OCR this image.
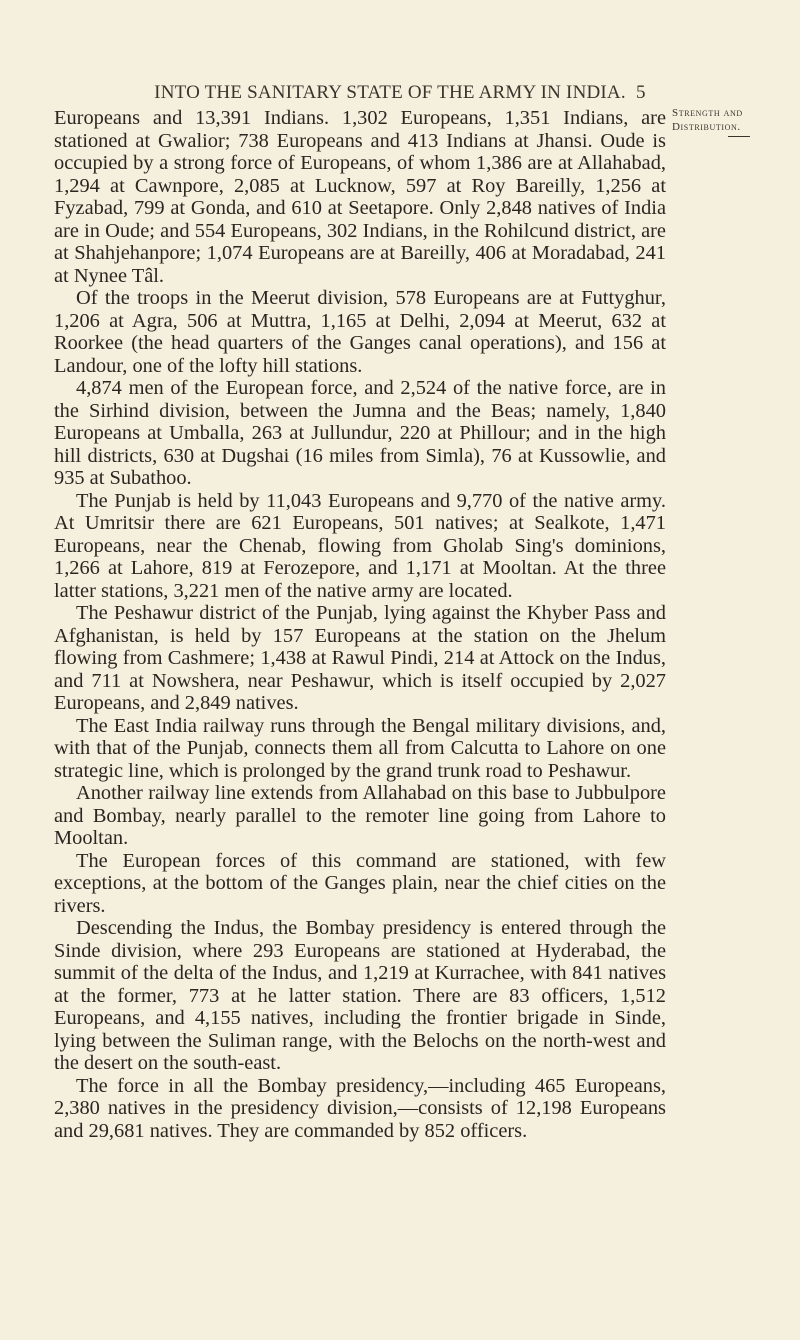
INTO THE SANITARY STATE OF THE ARMY IN INDIA. 5
Strength and
Distribution.

Europeans and 13,391 Indians. 1,302 Europeans, 1,351 Indians, are stationed at Gwalior; 738 Europeans and 413 Indians at Jhansi. Oude is occupied by a strong force of Europeans, of whom 1,386 are at Allahabad, 1,294 at Cawnpore, 2,085 at Lucknow, 597 at Roy Bareilly, 1,256 at Fyzabad, 799 at Gonda, and 610 at Seetapore. Only 2,848 natives of India are in Oude; and 554 Europeans, 302 Indians, in the Rohilcund district, are at Shahjehanpore; 1,074 Europeans are at Bareilly, 406 at Moradabad, 241 at Nynee Tâl.

Of the troops in the Meerut division, 578 Europeans are at Futtyghur, 1,206 at Agra, 506 at Muttra, 1,165 at Delhi, 2,094 at Meerut, 632 at Roorkee (the head quarters of the Ganges canal operations), and 156 at Landour, one of the lofty hill stations.

4,874 men of the European force, and 2,524 of the native force, are in the Sirhind division, between the Jumna and the Beas; namely, 1,840 Europeans at Umballa, 263 at Jullundur, 220 at Phillour; and in the high hill districts, 630 at Dugshai (16 miles from Simla), 76 at Kussowlie, and 935 at Subathoo.

The Punjab is held by 11,043 Europeans and 9,770 of the native army. At Umritsir there are 621 Europeans, 501 natives; at Sealkote, 1,471 Europeans, near the Chenab, flowing from Gholab Sing's dominions, 1,266 at Lahore, 819 at Ferozepore, and 1,171 at Mooltan. At the three latter stations, 3,221 men of the native army are located.

The Peshawur district of the Punjab, lying against the Khyber Pass and Afghanistan, is held by 157 Europeans at the station on the Jhelum flowing from Cashmere; 1,438 at Rawul Pindi, 214 at Attock on the Indus, and 711 at Nowshera, near Peshawur, which is itself occupied by 2,027 Europeans, and 2,849 natives.

The East India railway runs through the Bengal military divisions, and, with that of the Punjab, connects them all from Calcutta to Lahore on one strategic line, which is prolonged by the grand trunk road to Peshawur.

Another railway line extends from Allahabad on this base to Jubbulpore and Bombay, nearly parallel to the remoter line going from Lahore to Mooltan.

The European forces of this command are stationed, with few exceptions, at the bottom of the Ganges plain, near the chief cities on the rivers.

Descending the Indus, the Bombay presidency is entered through the Sinde division, where 293 Europeans are stationed at Hyderabad, the summit of the delta of the Indus, and 1,219 at Kurrachee, with 841 natives at the former, 773 at he latter station. There are 83 officers, 1,512 Europeans, and 4,155 natives, including the frontier brigade in Sinde, lying between the Suliman range, with the Belochs on the north-west and the desert on the south-east.

The force in all the Bombay presidency,—including 465 Europeans, 2,380 natives in the presidency division,—consists of 12,198 Europeans and 29,681 natives. They are commanded by 852 officers.
